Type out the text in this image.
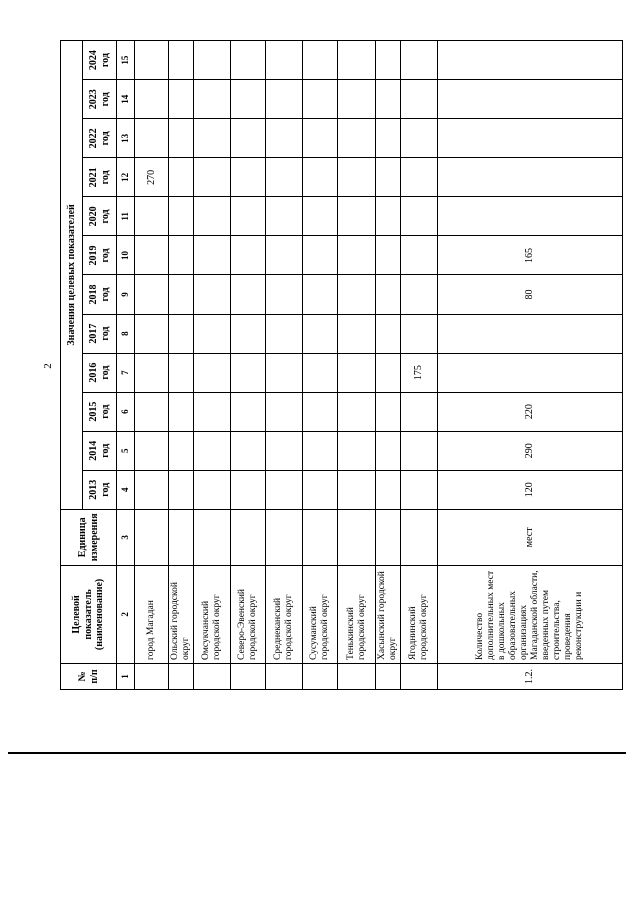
2
№ п/п	Целевой показатель (наименование)	Единица измерения	Значения целевых показателей											
			2013 год	2014 год	2015 год	2016 год	2017 год	2018 год	2019 год	2020 год	2021 год	2022 год	2023 год	2024 год
1	2	3	4	5	6	7	8	9	10	11	12	13	14	15
	город Магадан										270			
	Ольский городской округ													
	Омсукчанский городской округ													
	Северо-Эвенский городской округ													
	Среднеканский городской округ													
	Сусуманский городской округ													
	Тенькинский городской округ													
	Хасынский городской округ													
	Ягоднинский городской округ					175								
1.2.	Количество дополнительных мест в дошкольных образовательных организациях Магаданской области, введенных путем строительства, проведения реконструкции и	мест	120	290	220			80	165					
